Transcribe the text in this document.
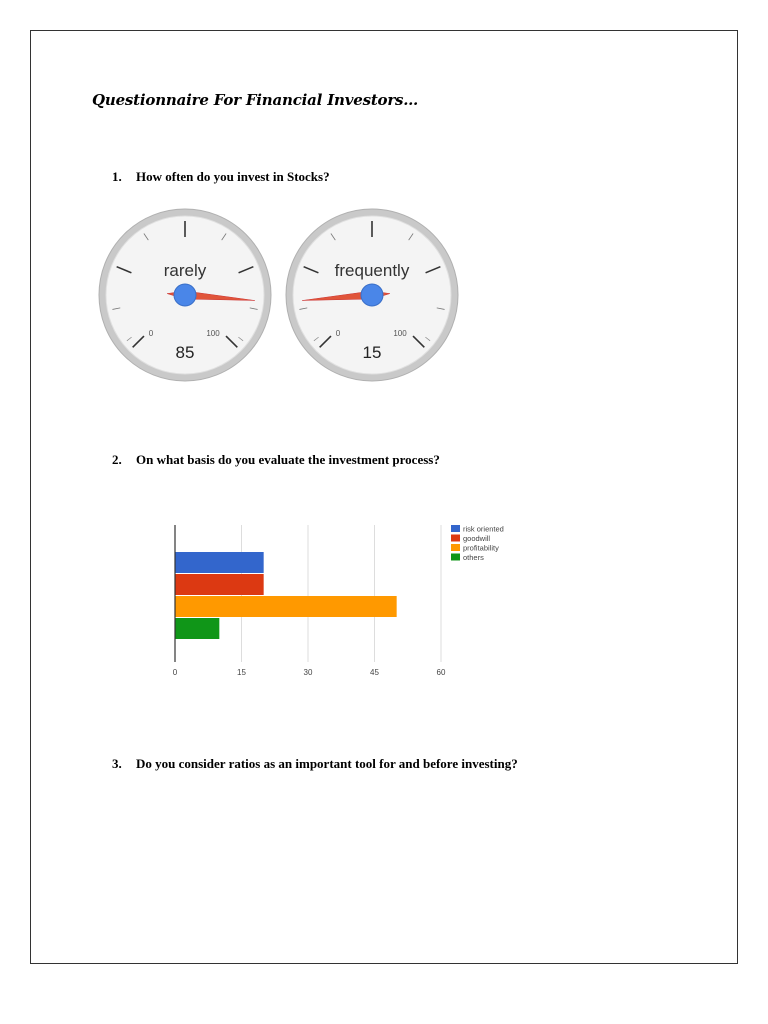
Questionnaire For Financial Investors…
1. How often do you invest in Stocks?
rarely
0	100
85
frequently
0	100
15
2. On what basis do you evaluate the investment process?
0	15	30	45	60
risk oriented
goodwill
profitability
others
3. Do you consider ratios as an important tool for and before investing?
